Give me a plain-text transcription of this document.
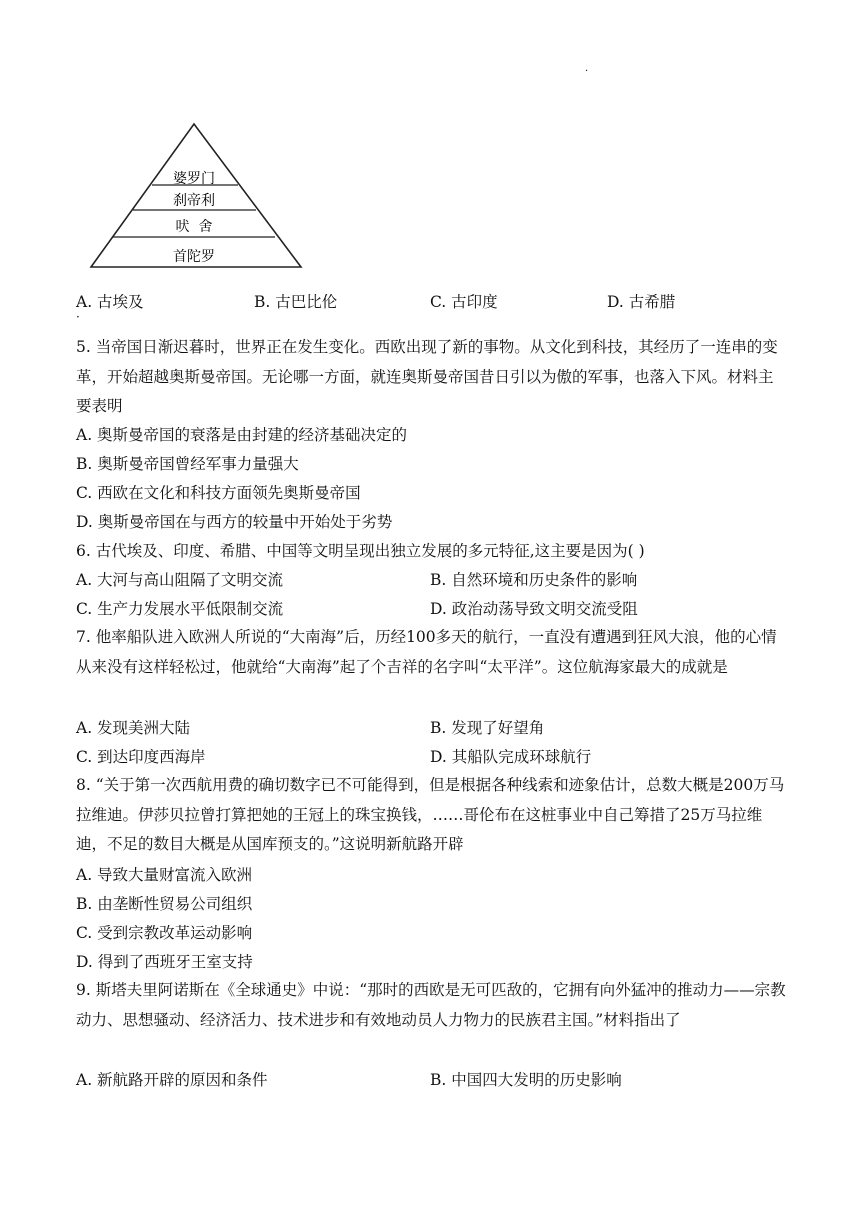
·
婆罗门
刹帝利
吠  舍
首陀罗
A. 古埃及	B. 古巴比伦	C. 古印度	D. 古希腊
·
5. 当帝国日渐迟暮时，世界正在发生变化。西欧出现了新的事物。从文化到科技，其经历了一连串的变革，开始超越奥斯曼帝国。无论哪一方面，就连奥斯曼帝国昔日引以为傲的军事，也落入下风。材料主要表明
A. 奥斯曼帝国的衰落是由封建的经济基础决定的
B. 奥斯曼帝国曾经军事力量强大
C. 西欧在文化和科技方面领先奥斯曼帝国
D. 奥斯曼帝国在与西方的较量中开始处于劣势
6. 古代埃及、印度、希腊、中国等文明呈现出独立发展的多元特征,这主要是因为( )
A. 大河与高山阻隔了文明交流	B. 自然环境和历史条件的影响
C. 生产力发展水平低限制交流	D. 政治动荡导致文明交流受阻
7. 他率船队进入欧洲人所说的“大南海”后，历经100多天的航行，一直没有遭遇到狂风大浪，他的心情从来没有这样轻松过，他就给“大南海”起了个吉祥的名字叫“太平洋”。这位航海家最大的成就是
A. 发现美洲大陆	B. 发现了好望角
C. 到达印度西海岸	D. 其船队完成环球航行
8. “关于第一次西航用费的确切数字已不可能得到，但是根据各种线索和迹象估计，总数大概是200万马拉维迪。伊莎贝拉曾打算把她的王冠上的珠宝换钱，……哥伦布在这桩事业中自己筹措了25万马拉维迪，不足的数目大概是从国库预支的。”这说明新航路开辟
A. 导致大量财富流入欧洲
B. 由垄断性贸易公司组织
C. 受到宗教改革运动影响
D. 得到了西班牙王室支持
9. 斯塔夫里阿诺斯在《全球通史》中说：“那时的西欧是无可匹敌的，它拥有向外猛冲的推动力——宗教动力、思想骚动、经济活力、技术进步和有效地动员人力物力的民族君主国。”材料指出了
A. 新航路开辟的原因和条件	B. 中国四大发明的历史影响
